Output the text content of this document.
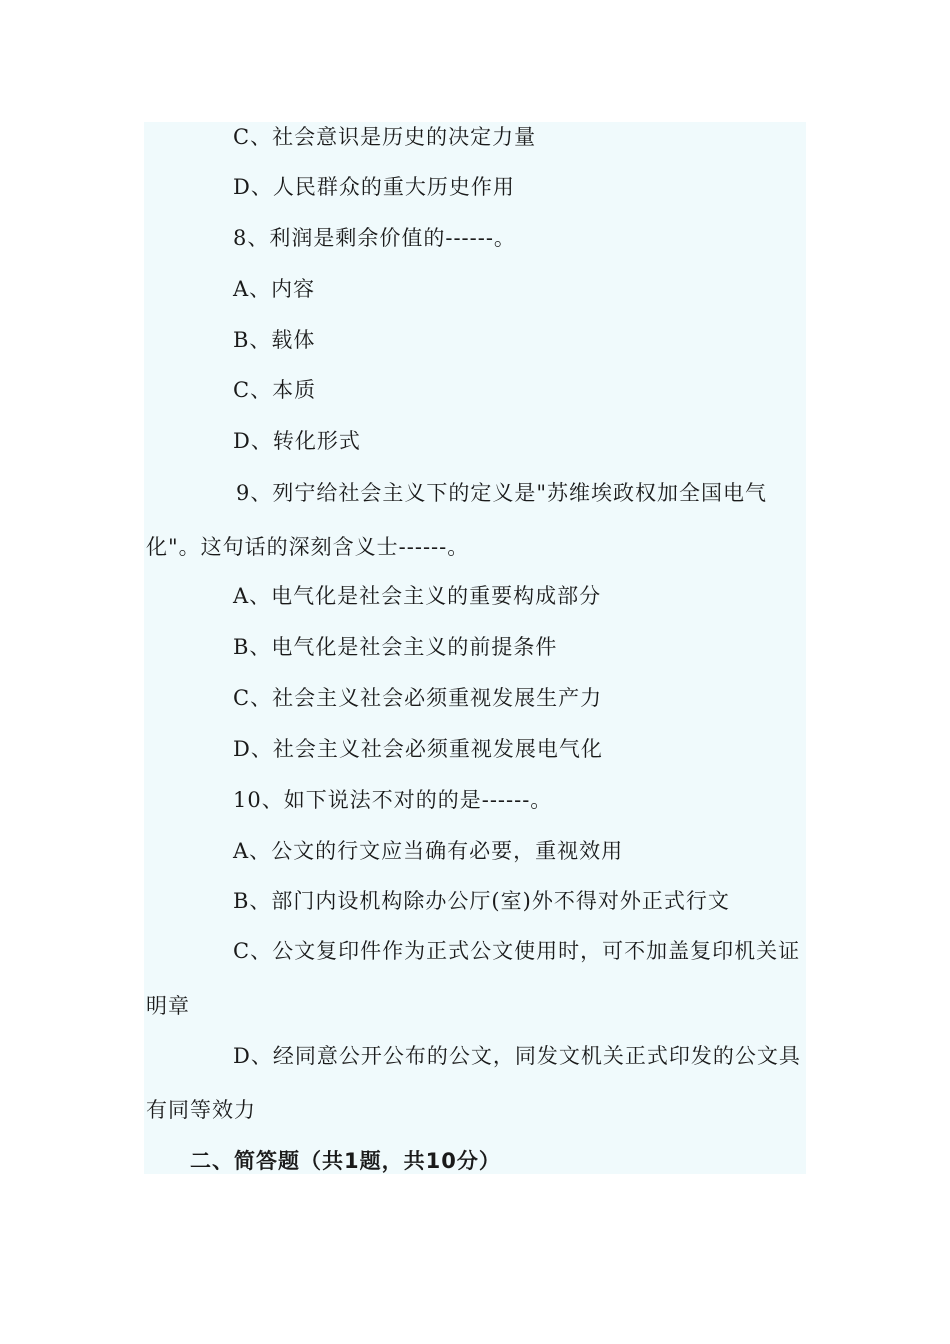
C、社会意识是历史的决定力量
D、人民群众的重大历史作用
8、利润是剩余价值的------。
A、内容
B、载体
C、本质
D、转化形式
9、列宁给社会主义下的定义是"苏维埃政权加全国电气
化"。这句话的深刻含义士------。
A、电气化是社会主义的重要构成部分
B、电气化是社会主义的前提条件
C、社会主义社会必须重视发展生产力
D、社会主义社会必须重视发展电气化
10、如下说法不对的的是------。
A、公文的行文应当确有必要，重视效用
B、部门内设机构除办公厅(室)外不得对外正式行文
C、公文复印件作为正式公文使用时，可不加盖复印机关证
明章
D、经同意公开公布的公文，同发文机关正式印发的公文具
有同等效力
二、简答题（共1题，共10分）
